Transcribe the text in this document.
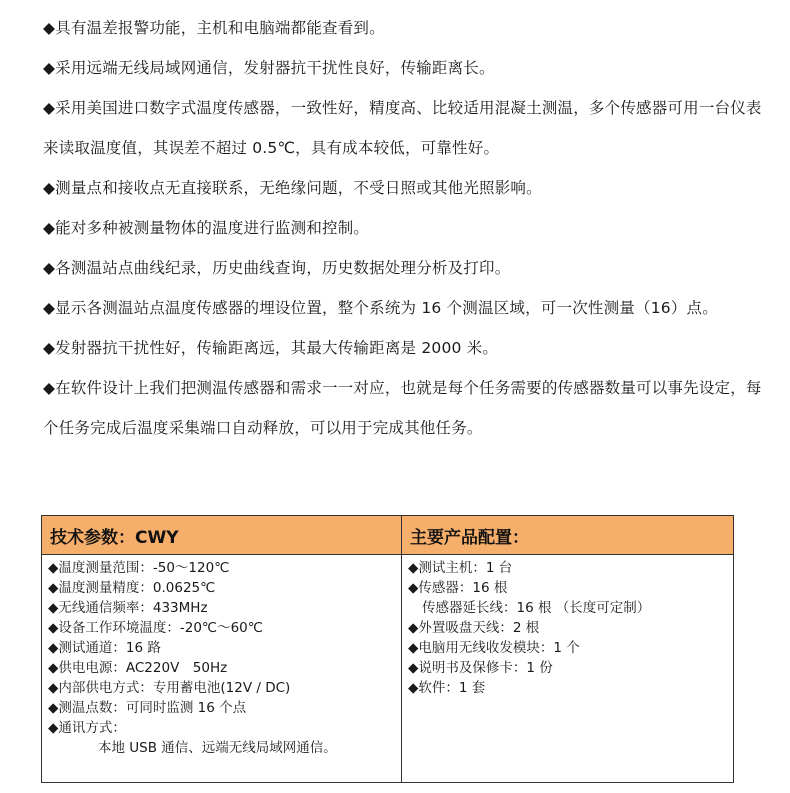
◆具有温差报警功能，主机和电脑端都能查看到。

◆采用远端无线局域网通信，发射器抗干扰性良好，传输距离长。

◆采用美国进口数字式温度传感器，一致性好，精度高、比较适用混凝土测温，多个传感器可用一台仪表来读取温度值，其误差不超过 0.5℃，具有成本较低，可靠性好。

◆测量点和接收点无直接联系，无绝缘问题，不受日照或其他光照影响。

◆能对多种被测量物体的温度进行监测和控制。

◆各测温站点曲线纪录，历史曲线查询，历史数据处理分析及打印。

◆显示各测温站点温度传感器的埋设位置，整个系统为 16 个测温区域，可一次性测量（16）点。

◆发射器抗干扰性好，传输距离远，其最大传输距离是 2000 米。

◆在软件设计上我们把测温传感器和需求一一对应，也就是每个任务需要的传感器数量可以事先设定，每个任务完成后温度采集端口自动释放，可以用于完成其他任务。

技术参数：CWY	主要产品配置：
◆温度测量范围：-50～120℃
◆温度测量精度：0.0625℃
◆无线通信频率：433MHz
◆设备工作环境温度：-20℃～60℃
◆测试通道：16 路
◆供电电源：AC220V　50Hz
◆内部供电方式：专用蓄电池(12V / DC)
◆测温点数：可同时监测 16 个点
◆通讯方式：
本地 USB 通信、远端无线局域网通信。
◆测试主机：1 台
◆传感器：16 根
传感器延长线：16 根 （长度可定制）
◆外置吸盘天线：2 根
◆电脑用无线收发模块：1 个
◆说明书及保修卡：1 份
◆软件：1 套
